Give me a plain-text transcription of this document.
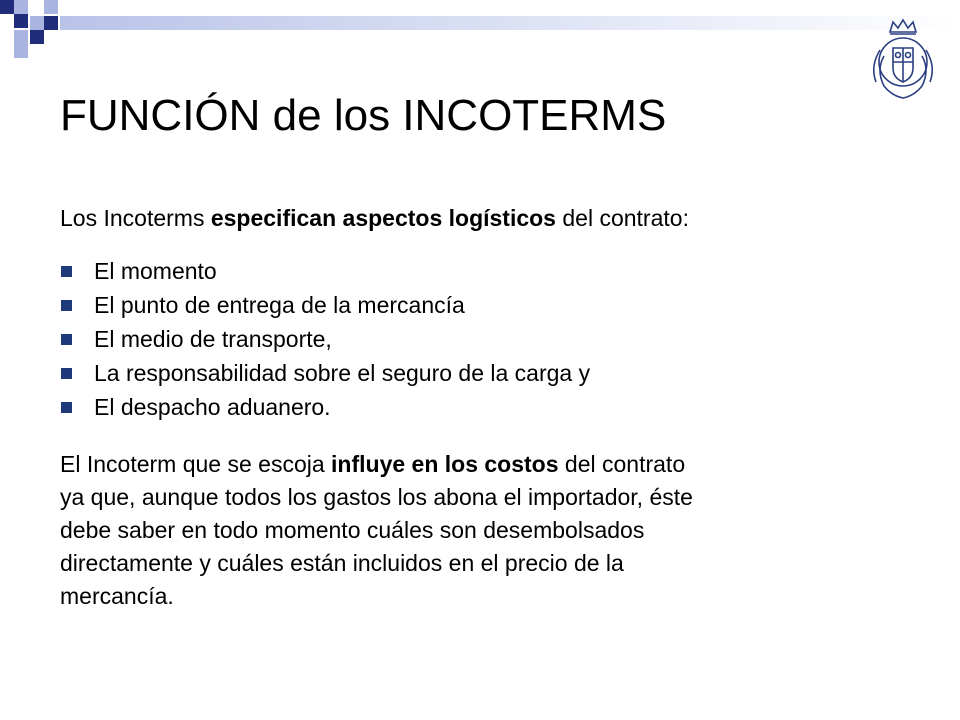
FUNCIÓN de los INCOTERMS

Los Incoterms especifican aspectos logísticos del contrato:

El momento
El punto de entrega de la mercancía
El medio de transporte,
La responsabilidad sobre el seguro de la carga y
El despacho aduanero.
El Incoterm que se escoja influye en los costos del contrato
ya que, aunque todos los gastos los abona el importador, éste
debe saber en todo momento cuáles son desembolsados
directamente y cuáles están incluidos en el precio de la
mercancía.
